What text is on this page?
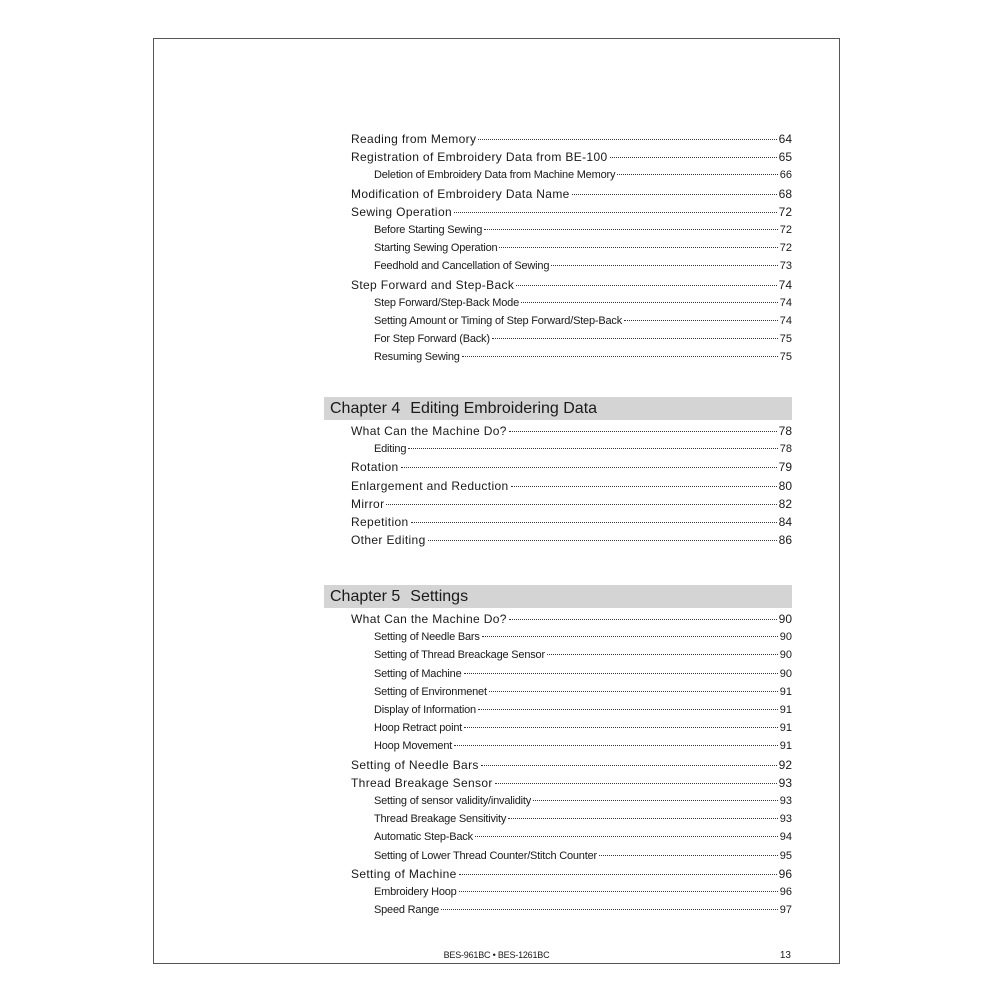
Reading from Memory	64
Registration of Embroidery Data from BE-100	65
Deletion of Embroidery Data from Machine Memory	66
Modification of Embroidery Data Name	68
Sewing Operation	72
Before Starting Sewing	72
Starting Sewing Operation	72
Feedhold and Cancellation of Sewing	73
Step Forward and Step-Back	74
Step Forward/Step-Back Mode	74
Setting Amount or Timing of Step Forward/Step-Back	74
For Step Forward (Back)	75
Resuming Sewing	75
Chapter 4 Editing Embroidering Data
What Can the Machine Do?	78
Editing	78
Rotation	79
Enlargement and Reduction	80
Mirror	82
Repetition	84
Other Editing	86
Chapter 5 Settings
What Can the Machine Do?	90
Setting of Needle Bars	90
Setting of Thread Breackage Sensor	90
Setting of Machine	90
Setting of Environmenet	91
Display of Information	91
Hoop Retract point	91
Hoop Movement	91
Setting of Needle Bars	92
Thread Breakage Sensor	93
Setting of sensor validity/invalidity	93
Thread Breakage Sensitivity	93
Automatic Step-Back	94
Setting of Lower Thread Counter/Stitch Counter	95
Setting of Machine	96
Embroidery Hoop	96
Speed Range	97
BES-961BC • BES-1261BC	13
